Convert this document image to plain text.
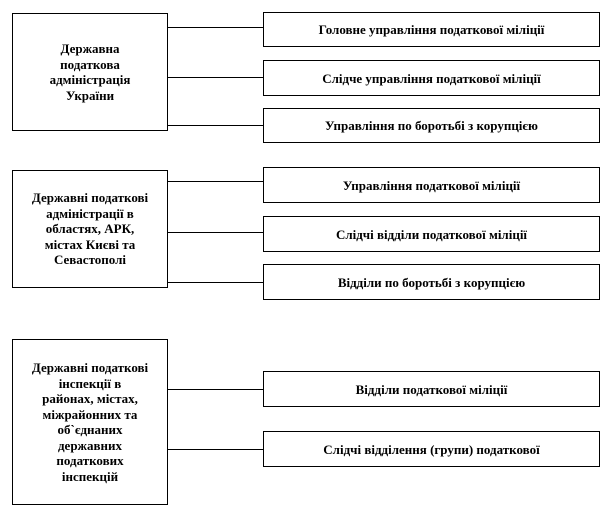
Державна
податкова
адміністрація
України
Головне управління податкової міліції
Слідче управління податкової міліції
Управління по боротьбі з корупцією
Державні податкові
адміністрації в
областях, АРК,
містах Києві та
Севастополі
Управління податкової міліції
Слідчі відділи податкової міліції
Відділи по боротьбі з корупцією
Державні податкові
інспекції в
районах, містах,
міжрайонних та
об`єднаних
державних
податкових
інспекцій
Відділи податкової міліції
Слідчі відділення (групи) податкової
